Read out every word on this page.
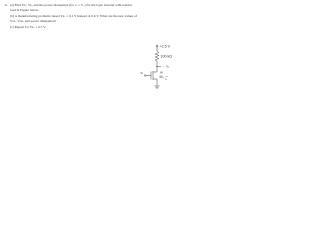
6. (a) Find VC, Vᴇ, and the power dissipation (for vᵢ = V₁) for the logic inverter with resistor
load in Figure below.
(b) A manufacturing problem caused Vᴇₐ = 0.1 V instead of 0.6 V. What are the new values of
Vᴏʟ, Vᴏʜ, and power dissipation?
(c) Repeat for Vᴇₐ = 0.7 V.
+2.5 V
100 kΩ
→ vₒ
vᵢ
M₁
W
L
